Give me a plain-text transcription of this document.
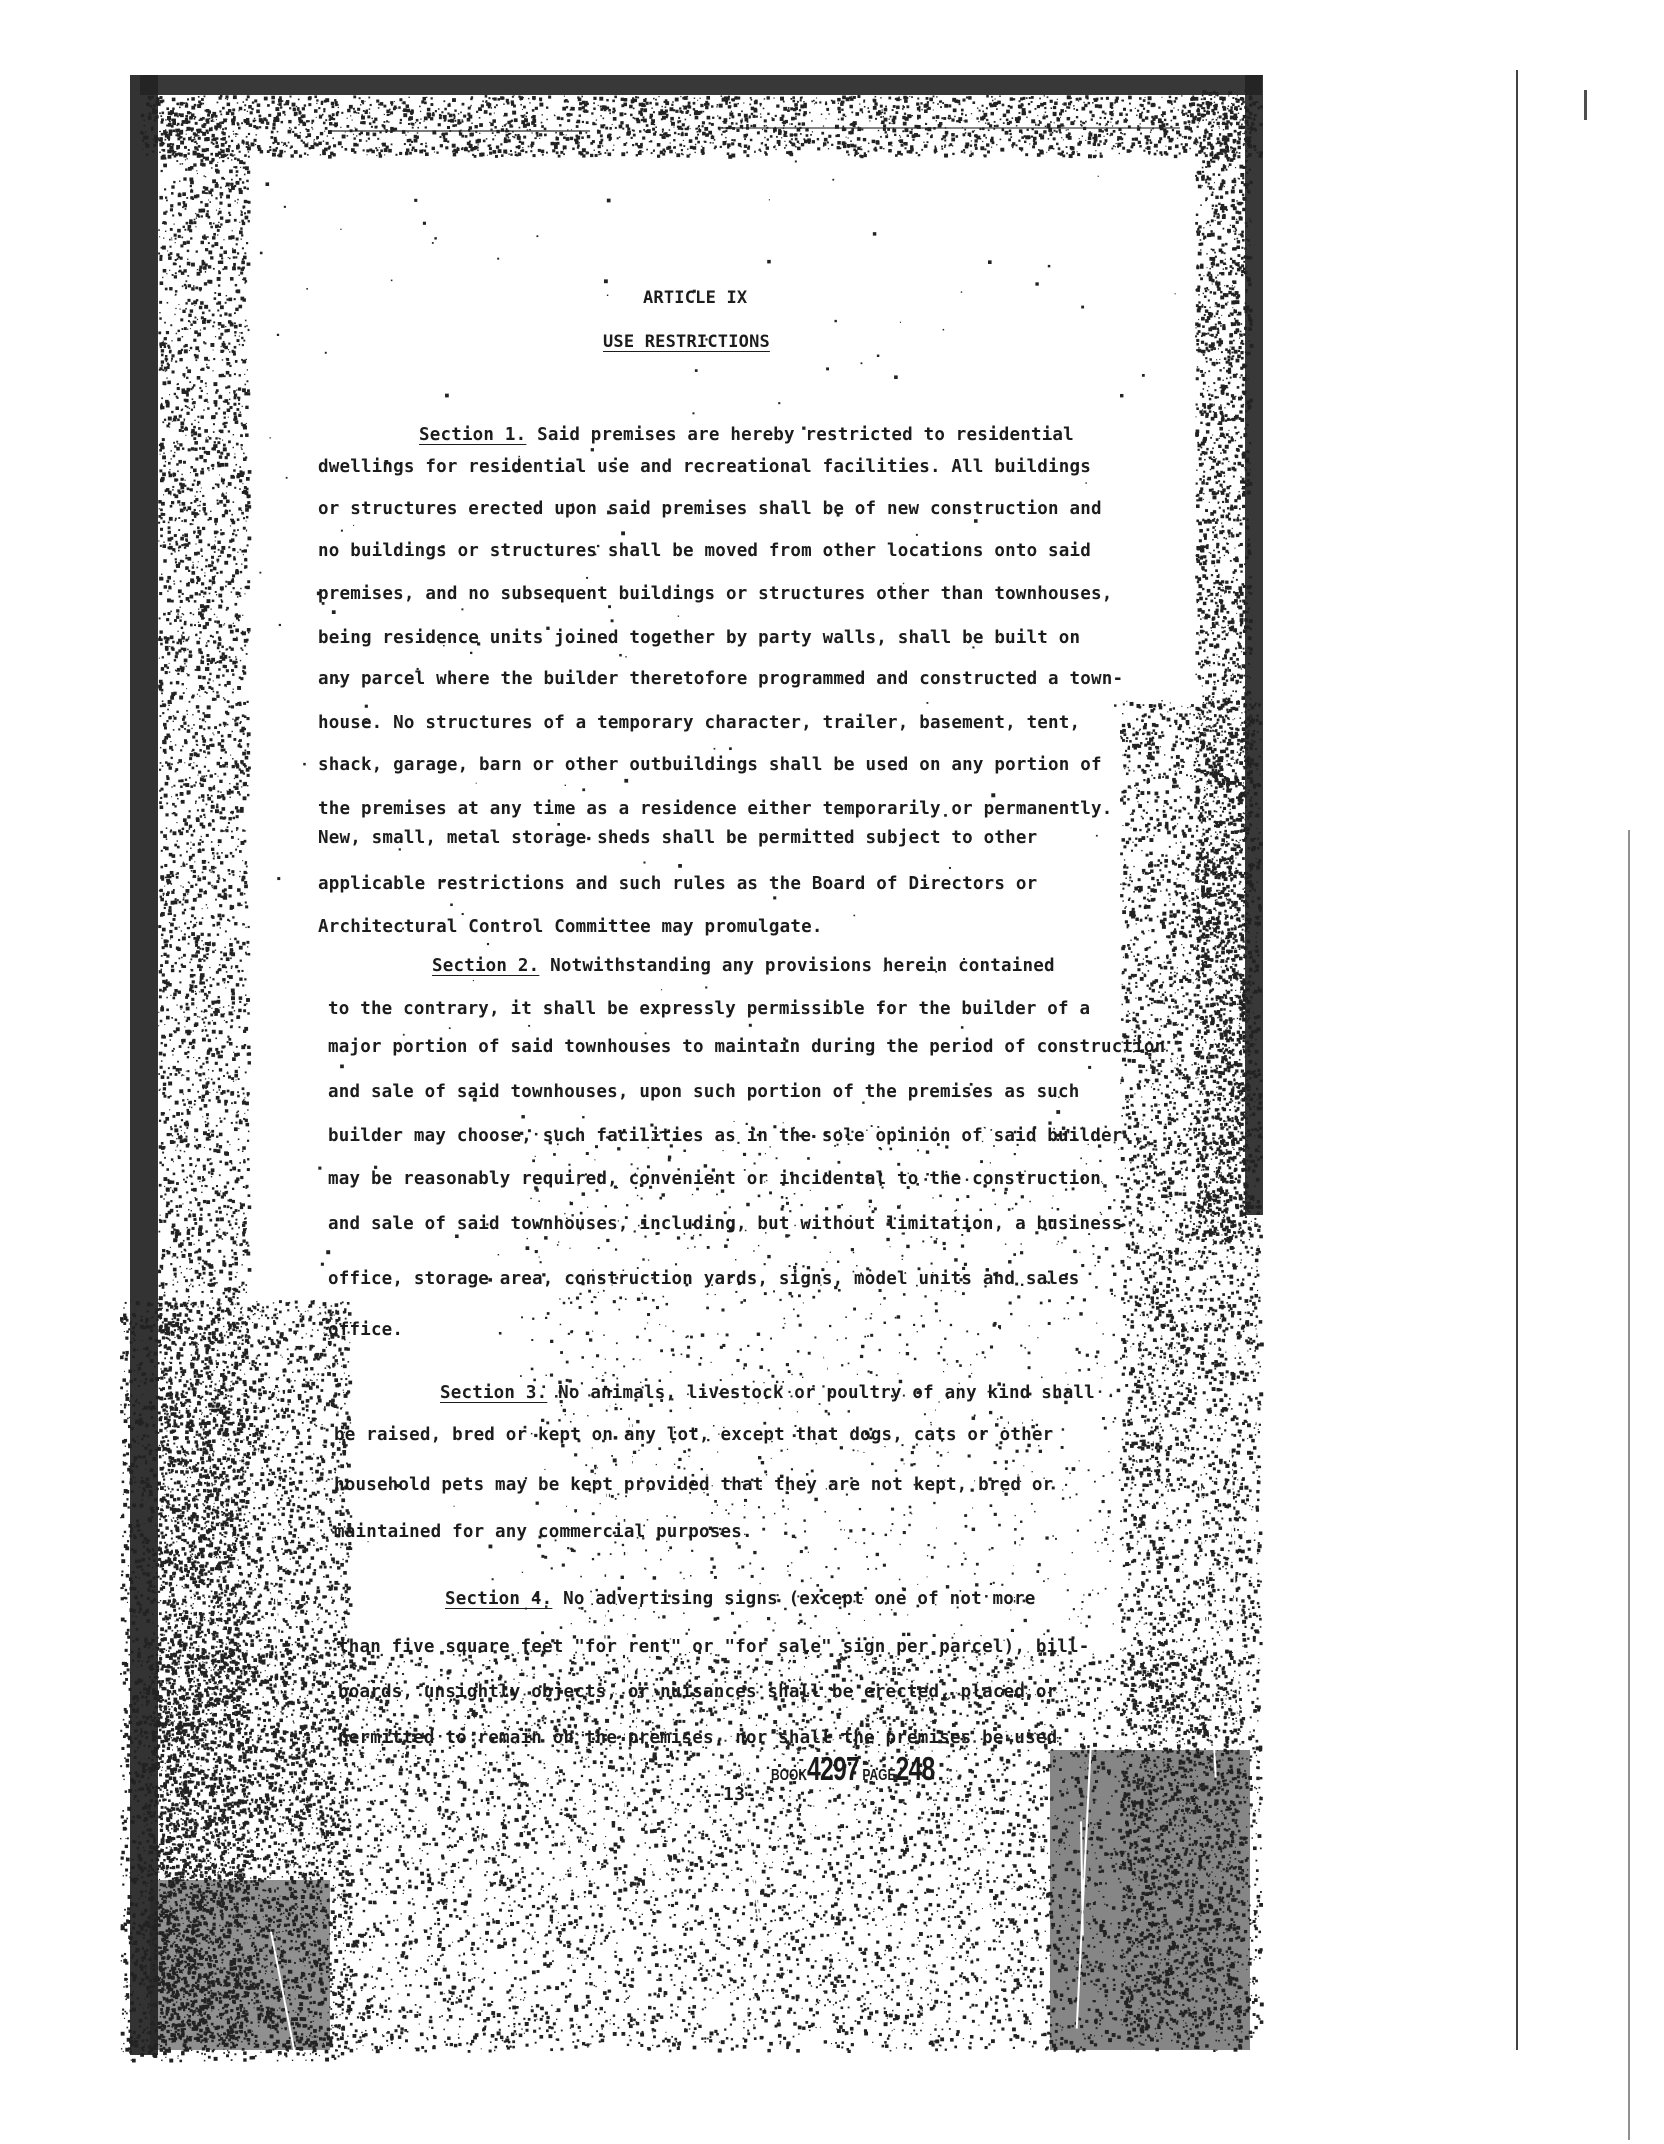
ARTICLE IX
USE RESTRICTIONS
Section 1. Said premises are hereby restricted to residential
dwellings for residential use and recreational facilities. All buildings
or structures erected upon said premises shall be of new construction and
no buildings or structures shall be moved from other locations onto said
premises, and no subsequent buildings or structures other than townhouses,
being residence units joined together by party walls, shall be built on
any parcel where the builder theretofore programmed and constructed a town-
house. No structures of a temporary character, trailer, basement, tent,
shack, garage, barn or other outbuildings shall be used on any portion of
the premises at any time as a residence either temporarily or permanently.
New, small, metal storage sheds shall be permitted subject to other
applicable restrictions and such rules as the Board of Directors or
Architectural Control Committee may promulgate.
Section 2. Notwithstanding any provisions herein contained
to the contrary, it shall be expressly permissible for the builder of a
major portion of said townhouses to maintain during the period of construction
and sale of said townhouses, upon such portion of the premises as such
builder may choose, such facilities as in the sole opinion of said builder
may be reasonably required, convenient or incidental to the construction
and sale of said townhouses, including, but without limitation, a business
office, storage area, construction yards, signs, model units and sales
office.
Section 3. No animals, livestock or poultry of any kind shall
be raised, bred or kept on any lot, except that dogs, cats or other
household pets may be kept provided that they are not kept, bred or
maintained for any commercial purposes.
Section 4. No advertising signs (except one of not more
than five square feet "for rent" or "for sale" sign per parcel), bill-
boards, unsightly objects, or nuisances shall be erected, placed or
permitted to remain on the premises, nor shall the premises be used
-13-
BOOK4297 PAGE248
